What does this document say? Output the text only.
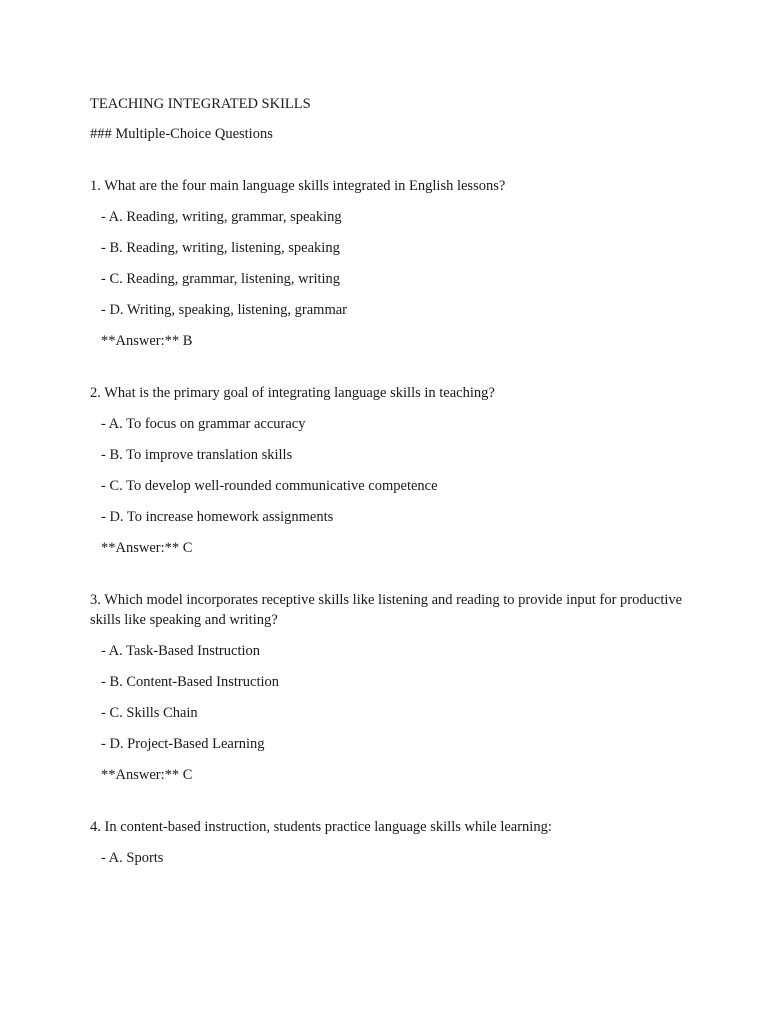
TEACHING INTEGRATED SKILLS

### Multiple-Choice Questions

1. What are the four main language skills integrated in English lessons?

- A. Reading, writing, grammar, speaking

- B. Reading, writing, listening, speaking

- C. Reading, grammar, listening, writing

- D. Writing, speaking, listening, grammar

**Answer:** B

2. What is the primary goal of integrating language skills in teaching?

- A. To focus on grammar accuracy

- B. To improve translation skills

- C. To develop well-rounded communicative competence

- D. To increase homework assignments

**Answer:** C

3. Which model incorporates receptive skills like listening and reading to provide input for productive skills like speaking and writing?

- A. Task-Based Instruction

- B. Content-Based Instruction

- C. Skills Chain

- D. Project-Based Learning

**Answer:** C

4. In content-based instruction, students practice language skills while learning:

- A. Sports
